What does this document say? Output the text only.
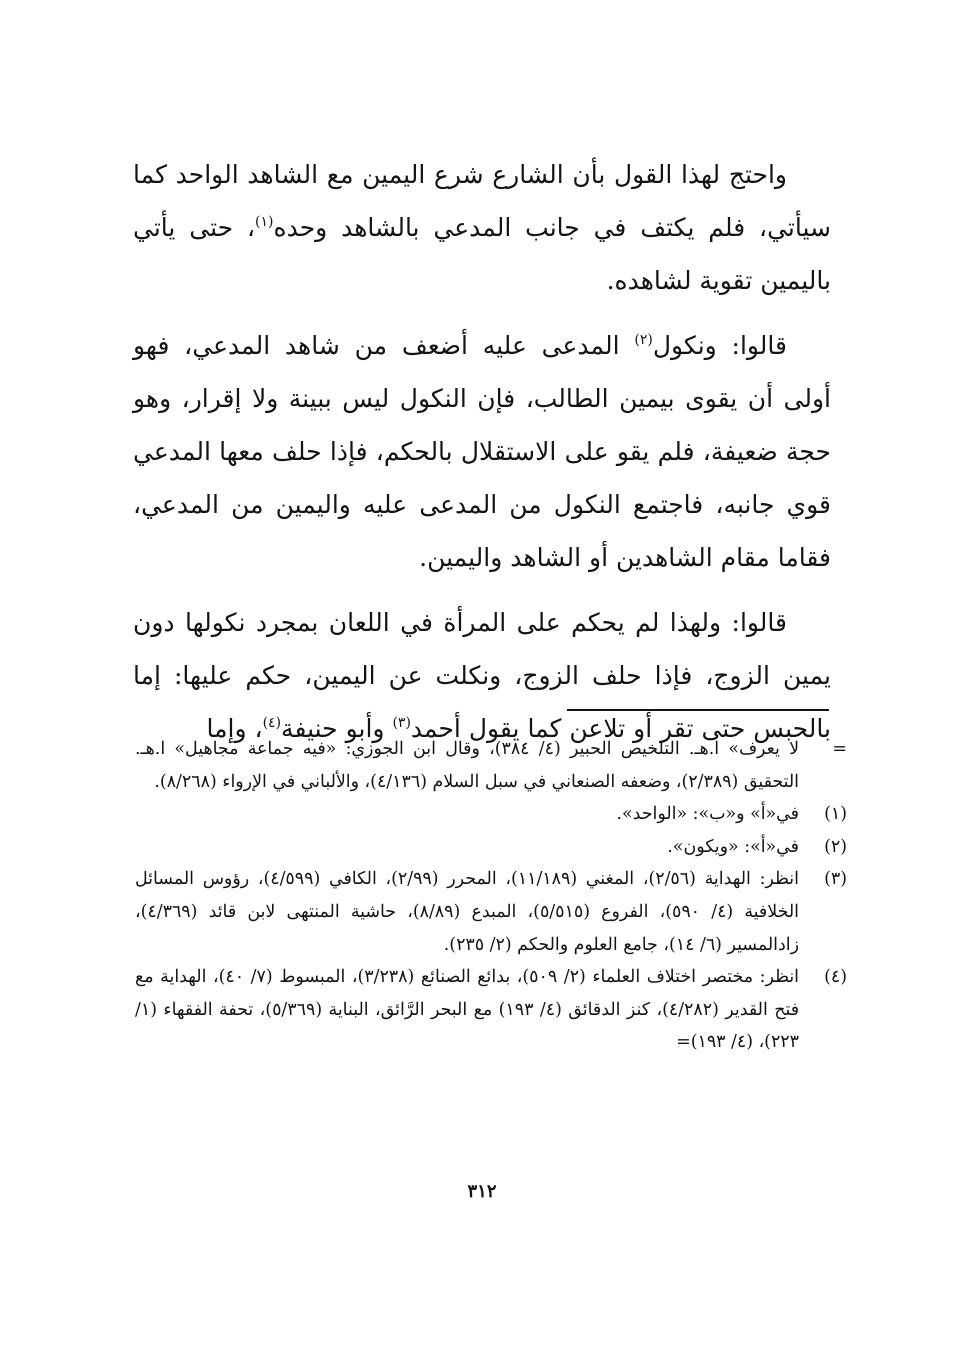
واحتج لهذا القول بأن الشارع شرع اليمين مع الشاهد الواحد كما سيأتي، فلم يكتف في جانب المدعي بالشاهد وحده$^{(١)}$، حتى يأتي باليمين تقوية لشاهده.

قالوا: ونكول$^{(٢)}$ المدعى عليه أضعف من شاهد المدعي، فهو أولى أن يقوى بيمين الطالب، فإن النكول ليس ببينة ولا إقرار، وهو حجة ضعيفة، فلم يقو على الاستقلال بالحكم، فإذا حلف معها المدعي قوي جانبه، فاجتمع النكول من المدعى عليه واليمين من المدعي، فقاما مقام الشاهدين أو الشاهد واليمين.

قالوا: ولهذا لم يحكم على المرأة في اللعان بمجرد نكولها دون يمين الزوج، فإذا حلف الزوج، ونكلت عن اليمين، حكم عليها: إما بالحبس حتى تقر أو تلاعن كما يقول أحمد$^{(٣)}$ وأبو حنيفة$^{(٤)}$، وإما

=
لا يعرف» ا.هـ. التلخيص الحبير (٤/ ٣٨٤)، وقال ابن الجوزي: «فيه جماعة مجاهيل» ا.هـ. التحقيق (٢/٣٨٩)، وضعفه الصنعاني في سبل السلام (٤/١٣٦)، والألباني في الإرواء (٨/٢٦٨).
(١)
في«أ» و«ب»: «الواحد».
(٢)
في«أ»: «ويكون».
(٣)
انظر: الهداية (٢/٥٦)، المغني (١١/١٨٩)، المحرر (٢/٩٩)، الكافي (٤/٥٩٩)، رؤوس المسائل الخلافية (٤/ ٥٩٠)، الفروع (٥/٥١٥)، المبدع (٨/٨٩)، حاشية المنتهى لابن قائد (٤/٣٦٩)، زادالمسير (٦/ ١٤)، جامع العلوم والحكم (٢/ ٢٣٥).
(٤)
انظر: مختصر اختلاف العلماء (٢/ ٥٠٩)، بدائع الصنائع (٣/٢٣٨)، المبسوط (٧/ ٤٠)، الهداية مع فتح القدير (٤/٢٨٢)، كنز الدقائق (٤/ ١٩٣) مع البحر الرَّائق، البناية (٥/٣٦٩)، تحفة الفقهاء (١/ ٢٢٣)، (٤/ ١٩٣)=
٣١٢
